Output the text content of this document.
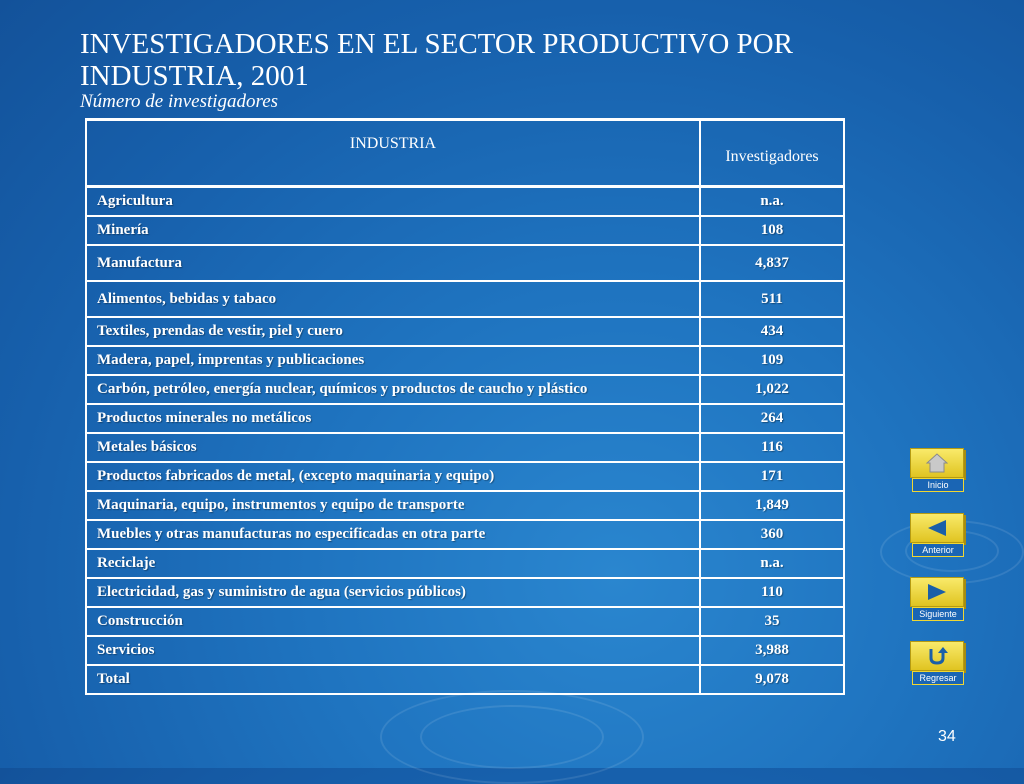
INVESTIGADORES EN EL SECTOR PRODUCTIVO POR INDUSTRIA, 2001
Número de investigadores
INDUSTRIA	Investigadores
Agricultura	n.a.
Minería	108
Manufactura	4,837
Alimentos, bebidas y tabaco	511
Textiles, prendas de vestir, piel y cuero	434
Madera, papel, imprentas y publicaciones	109
Carbón, petróleo, energía nuclear, químicos y productos de caucho y plástico	1,022
Productos minerales no metálicos	264
Metales básicos	116
Productos fabricados de metal, (excepto maquinaria y equipo)	171
Maquinaria, equipo, instrumentos y equipo de transporte	1,849
Muebles y otras manufacturas no especificadas en otra parte	360
Reciclaje	n.a.
Electricidad, gas y suministro de agua (servicios públicos)	110
Construcción	35
Servicios	3,988
Total	9,078
Inicio
Anterior
Siguiente
Regresar
34
